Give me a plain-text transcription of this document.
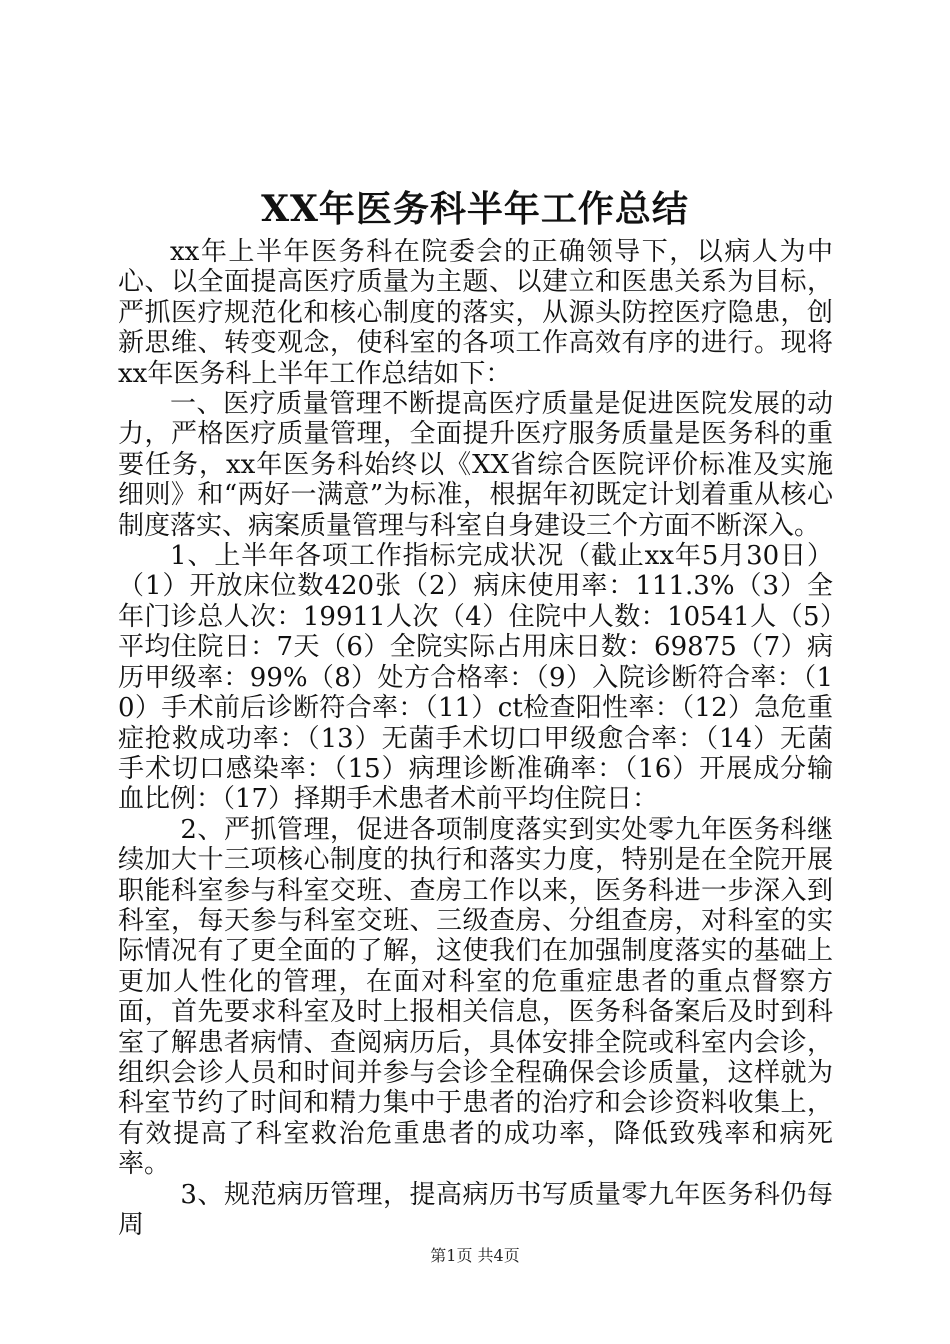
XX年医务科半年工作总结

xx年上半年医务科在院委会的正确领导下，以病人为中心、以全面提高医疗质量为主题、以建立和医患关系为目标，严抓医疗规范化和核心制度的落实，从源头防控医疗隐患，创新思维、转变观念，使科室的各项工作高效有序的进行。现将xx年医务科上半年工作总结如下：

一、医疗质量管理不断提高医疗质量是促进医院发展的动力，严格医疗质量管理，全面提升医疗服务质量是医务科的重要任务，xx年医务科始终以《XX省综合医院评价标准及实施细则》和“两好一满意”为标准，根据年初既定计划着重从核心制度落实、病案质量管理与科室自身建设三个方面不断深入。

1、上半年各项工作指标完成状况（截止xx年5月30日）（1）开放床位数420张（2）病床使用率：111.3%（3）全年门诊总人次：19911人次（4）住院中人数：10541人（5）平均住院日：7天（6）全院实际占用床日数：69875（7）病历甲级率：99%（8）处方合格率：（9）入院诊断符合率：（10）手术前后诊断符合率：（11）ct检查阳性率：（12）急危重症抢救成功率：（13）无菌手术切口甲级愈合率：（14）无菌手术切口感染率：（15）病理诊断准确率：（16）开展成分输血比例：（17）择期手术患者术前平均住院日：

2、严抓管理，促进各项制度落实到实处零九年医务科继续加大十三项核心制度的执行和落实力度，特别是在全院开展职能科室参与科室交班、查房工作以来，医务科进一步深入到科室，每天参与科室交班、三级查房、分组查房，对科室的实际情况有了更全面的了解，这使我们在加强制度落实的基础上更加人性化的管理，在面对科室的危重症患者的重点督察方面，首先要求科室及时上报相关信息，医务科备案后及时到科室了解患者病情、查阅病历后，具体安排全院或科室内会诊，组织会诊人员和时间并参与会诊全程确保会诊质量，这样就为科室节约了时间和精力集中于患者的治疗和会诊资料收集上，有效提高了科室救治危重患者的成功率，降低致残率和病死率。

3、规范病历管理，提高病历书写质量零九年医务科仍每周

第1页 共4页
